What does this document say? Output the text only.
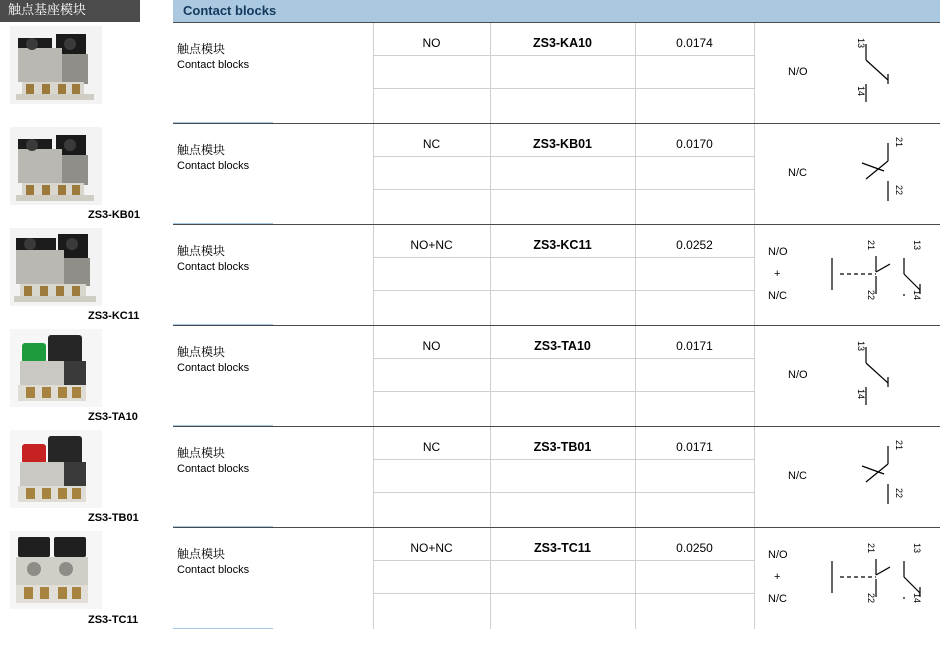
触点基座模块	Contact blocks
触点模块
Contact blocks
NO	ZS3-KA10	0.0174
N/O
13
14
ZS3-KB01
触点模块
Contact blocks
NC	ZS3-KB01	0.0170
N/C
21
22
ZS3-KC11
触点模块
Contact blocks
NO+NC	ZS3-KC11	0.0252	N/O
+
N/C
21
22
13
14
ZS3-TA10
触点模块
Contact blocks
NO	ZS3-TA10	0.0171
N/O
13
14
ZS3-TB01
触点模块
Contact blocks
NC	ZS3-TB01	0.0171
N/C
21
22
ZS3-TC11
触点模块
Contact blocks
NO+NC	ZS3-TC11	0.0250	N/O
+
N/C
21
22
13
14
